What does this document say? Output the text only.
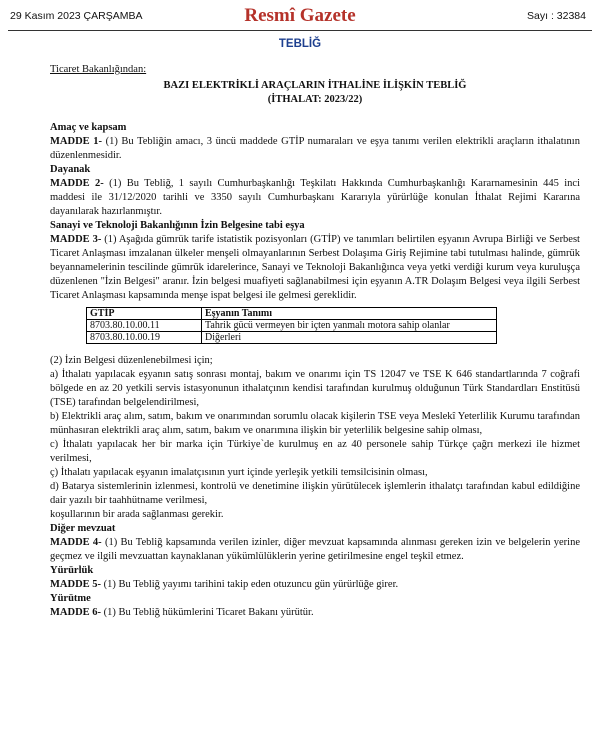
29 Kasım 2023 ÇARŞAMBA	Resmî Gazete	Sayı : 32384
TEBLİĞ

Ticaret Bakanlığından:

BAZI ELEKTRİKLİ ARAÇLARIN İTHALİNE İLİŞKİN TEBLİĞ

(İTHALAT: 2023/22)

Amaç ve kapsam

MADDE 1- (1) Bu Tebliğin amacı, 3 üncü maddede GTİP numaraları ve eşya tanımı verilen elektrikli araçların ithalatının düzenlenmesidir.

Dayanak

MADDE 2- (1) Bu Tebliğ, 1 sayılı Cumhurbaşkanlığı Teşkilatı Hakkında Cumhurbaşkanlığı Kararnamesinin 445 inci maddesi ile 31/12/2020 tarihli ve 3350 sayılı Cumhurbaşkanı Kararıyla yürürlüğe konulan İthalat Rejimi Kararına dayanılarak hazırlanmıştır.

Sanayi ve Teknoloji Bakanlığının İzin Belgesine tabi eşya

MADDE 3- (1) Aşağıda gümrük tarife istatistik pozisyonları (GTİP) ve tanımları belirtilen eşyanın Avrupa Birliği ve Serbest Ticaret Anlaşması imzalanan ülkeler menşeli olmayanlarının Serbest Dolaşıma Giriş Rejimine tabi tutulması halinde, gümrük beyannamelerinin tescilinde gümrük idarelerince, Sanayi ve Teknoloji Bakanlığınca veya yetki verdiği kurum veya kuruluşça düzenlenen "İzin Belgesi" aranır. İzin belgesi muafiyeti sağlanabilmesi için eşyanın A.TR Dolaşım Belgesi veya ilgili Serbest Ticaret Anlaşması kapsamında menşe ispat belgesi ile gelmesi gereklidir.

GTİP	Eşyanın Tanımı
8703.80.10.00.11	Tahrik gücü vermeyen bir içten yanmalı motora sahip olanlar
8703.80.10.00.19	Diğerleri

(2) İzin Belgesi düzenlenebilmesi için;

a) İthalatı yapılacak eşyanın satış sonrası montaj, bakım ve onarımı için TS 12047 ve TSE K 646 standartlarında 7 coğrafi bölgede en az 20 yetkili servis istasyonunun ithalatçının kendisi tarafından kurulmuş olduğunun Türk Standardları Enstitüsü (TSE) tarafından belgelendirilmesi,

b) Elektrikli araç alım, satım, bakım ve onarımından sorumlu olacak kişilerin TSE veya Meslekî Yeterlilik Kurumu tarafından münhasıran elektrikli araç alım, satım, bakım ve onarımına ilişkin bir yeterlilik belgesine sahip olması,

c) İthalatı yapılacak her bir marka için Türkiye`de kurulmuş en az 40 personele sahip Türkçe çağrı merkezi ile hizmet verilmesi,

ç) İthalatı yapılacak eşyanın imalatçısının yurt içinde yerleşik yetkili temsilcisinin olması,

d) Batarya sistemlerinin izlenmesi, kontrolü ve denetimine ilişkin yürütülecek işlemlerin ithalatçı tarafından kabul edildiğine dair yazılı bir taahhütname verilmesi,

koşullarının bir arada sağlanması gerekir.

Diğer mevzuat

MADDE 4- (1) Bu Tebliğ kapsamında verilen izinler, diğer mevzuat kapsamında alınması gereken izin ve belgelerin yerine geçmez ve ilgili mevzuattan kaynaklanan yükümlülüklerin yerine getirilmesine engel teşkil etmez.

Yürürlük

MADDE 5- (1) Bu Tebliğ yayımı tarihini takip eden otuzuncu gün yürürlüğe girer.

Yürütme

MADDE 6- (1) Bu Tebliğ hükümlerini Ticaret Bakanı yürütür.
